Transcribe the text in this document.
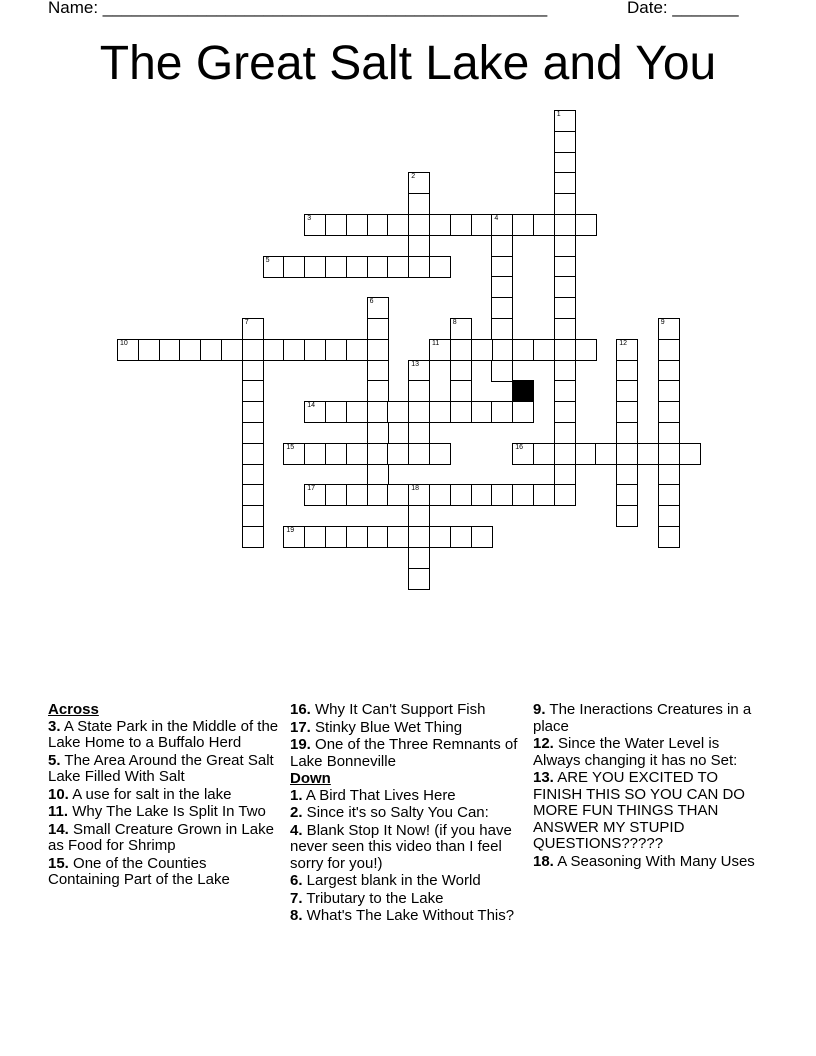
Name: _______________________________________________	Date: _______
The Great Salt Lake and You
1
2
3	4
5
6
7	8	9
10	11	12
13
14
15	16
17	18
19
Across
3. A State Park in the Middle of the Lake Home to a Buffalo Herd
5. The Area Around the Great Salt Lake Filled With Salt
10. A use for salt in the lake
11. Why The Lake Is Split In Two
14. Small Creature Grown in Lake as Food for Shrimp
15. One of the Counties Containing Part of the Lake
16. Why It Can't Support Fish
17. Stinky Blue Wet Thing
19. One of the Three Remnants of Lake Bonneville
Down
1. A Bird That Lives Here
2. Since it's so Salty You Can:
4. Blank Stop It Now! (if you have never seen this video than I feel sorry for you!)
6. Largest blank in the World
7. Tributary to the Lake
8. What's The Lake Without This?
9. The Ineractions Creatures in a place
12. Since the Water Level is Always changing it has no Set:
13. ARE YOU EXCITED TO FINISH THIS SO YOU CAN DO MORE FUN THINGS THAN ANSWER MY STUPID QUESTIONS?????
18. A Seasoning With Many Uses
